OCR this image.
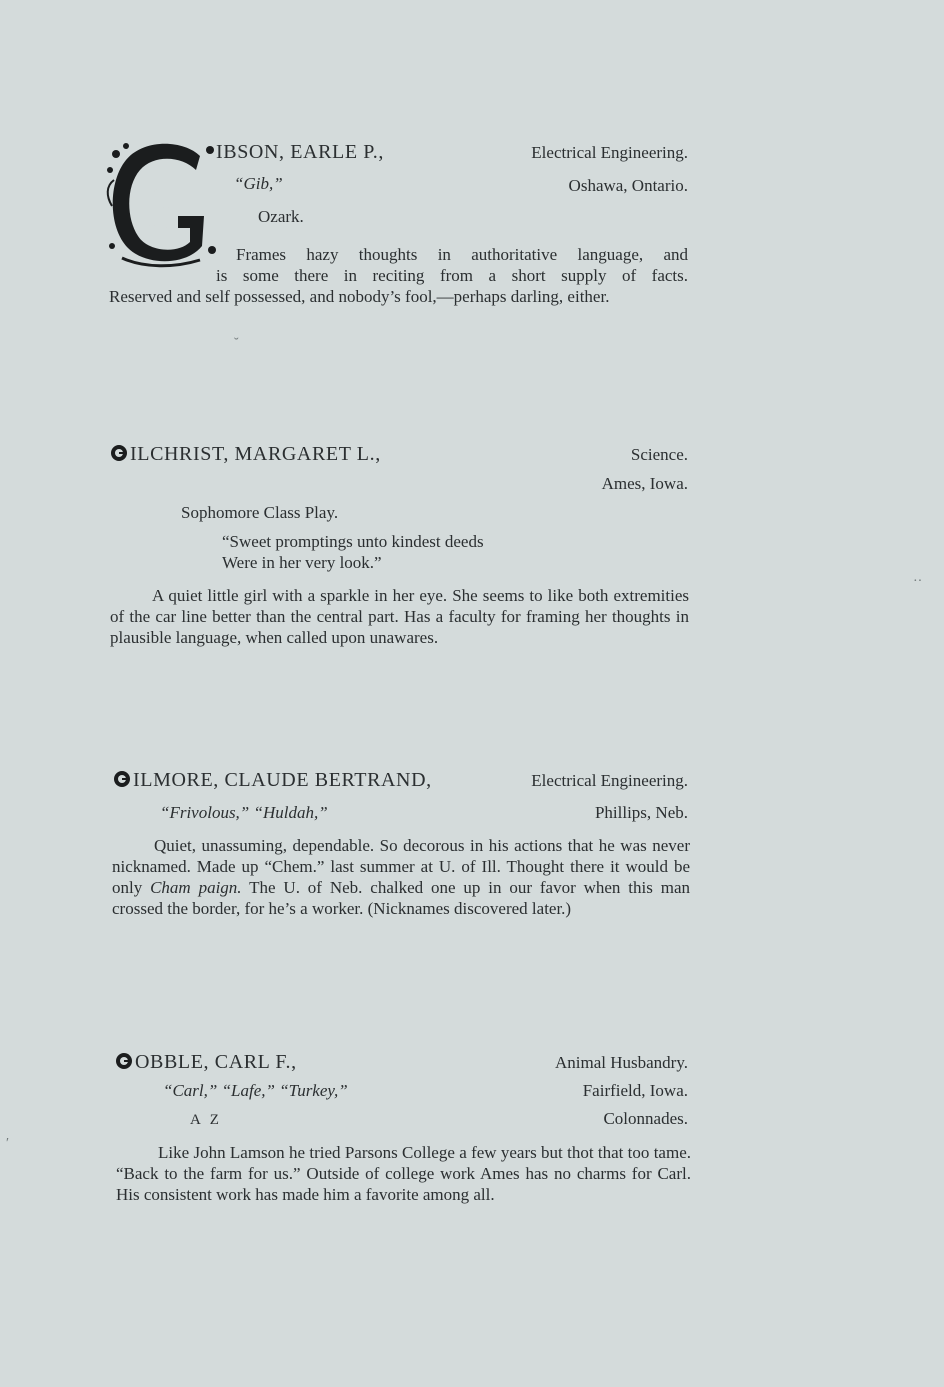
IBSON, EARLE P.,	Electrical Engineering.
“Gib,”	Oshawa, Ontario.
Ozark.
Frames hazy thoughts in authoritative language, and
is some there in reciting from a short supply of facts.
Reserved and self possessed, and nobody’s fool,—perhaps darling, either.
˘
ILCHRIST, MARGARET L.,	Science.
Ames, Iowa.
Sophomore Class Play.
“Sweet promptings unto kindest deeds
Were in her very look.”
A quiet little girl with a sparkle in her eye. She seems to like both extremities of the car line better than the central part. Has a faculty for framing her thoughts in plausible language, when called upon unawares.
··
ILMORE, CLAUDE BERTRAND,	Electrical Engineering.
“Frivolous,” “Huldah,”	Phillips, Neb.
Quiet, unassuming, dependable. So decorous in his actions that he was never nicknamed. Made up “Chem.” last summer at U. of Ill. Thought there it would be only Chaт paign. The U. of Neb. chalked one up in our favor when this man crossed the border, for he’s a worker. (Nicknames discovered later.)
OBBLE, CARL F.,	Animal Husbandry.
“Carl,” “Lafe,” “Turkey,”	Fairfield, Iowa.
A Z	Colonnades.
Like John Lamson he tried Parsons College a few years but thot that too tame. “Back to the farm for us.” Outside of college work Ames has no charms for Carl. His consistent work has made him a favorite among all.
′
